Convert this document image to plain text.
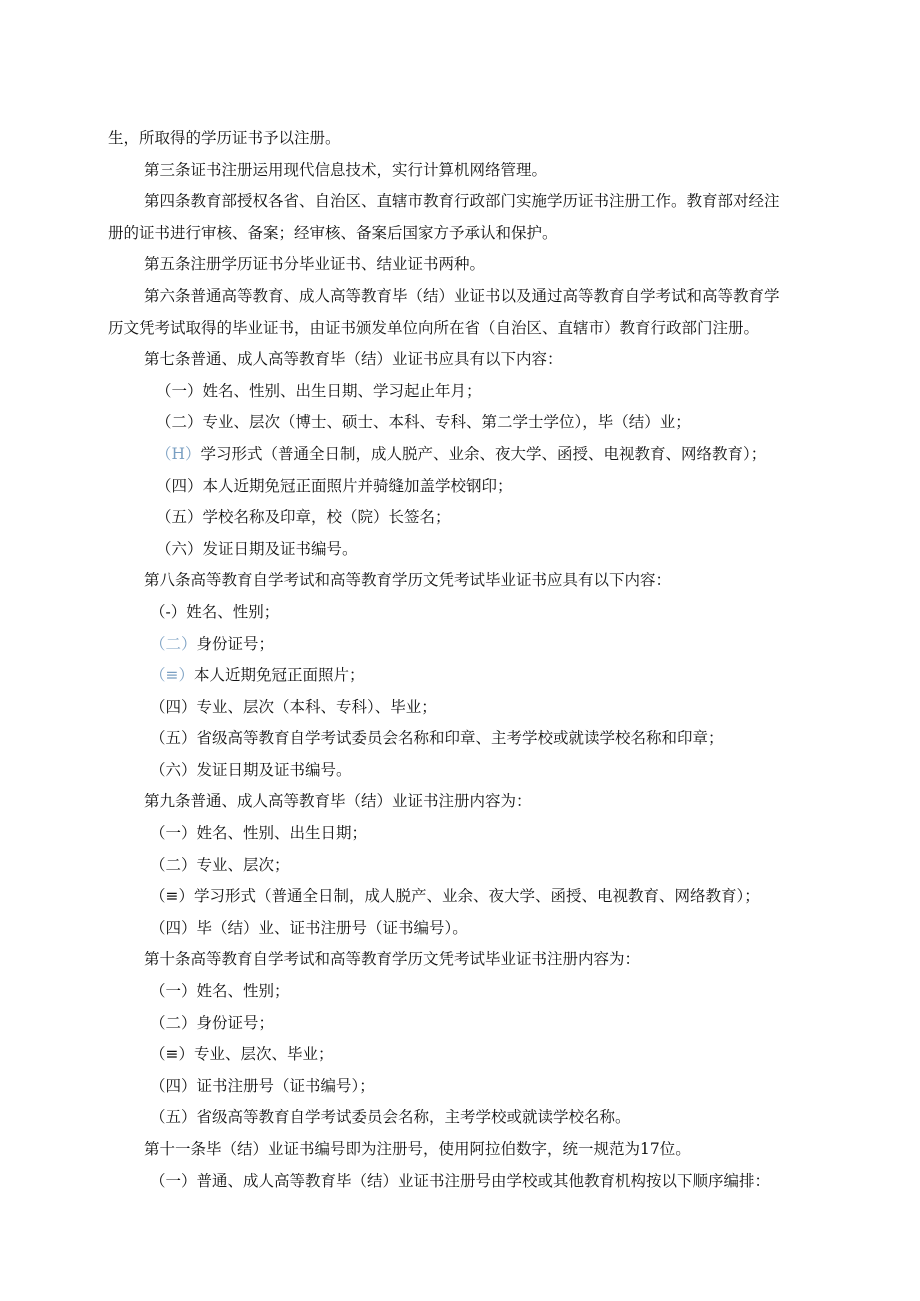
生，所取得的学历证书予以注册。
第三条证书注册运用现代信息技术，实行计算机网络管理。
第四条教育部授权各省、自治区、直辖市教育行政部门实施学历证书注册工作。教育部对经注
册的证书进行审核、备案；经审核、备案后国家方予承认和保护。
第五条注册学历证书分毕业证书、结业证书两种。
第六条普通高等教育、成人高等教育毕（结）业证书以及通过高等教育自学考试和高等教育学
历文凭考试取得的毕业证书，由证书颁发单位向所在省（自治区、直辖市）教育行政部门注册。
第七条普通、成人高等教育毕（结）业证书应具有以下内容：
（一）姓名、性别、出生日期、学习起止年月；
（二）专业、层次（博士、硕士、本科、专科、第二学士学位），毕（结）业；
（H）学习形式（普通全日制，成人脱产、业余、夜大学、函授、电视教育、网络教育）；
（四）本人近期免冠正面照片并骑缝加盖学校钢印；
（五）学校名称及印章，校（院）长签名；
（六）发证日期及证书编号。
第八条高等教育自学考试和高等教育学历文凭考试毕业证书应具有以下内容：
（-）姓名、性别；
（二）身份证号；
（≡）本人近期免冠正面照片；
（四）专业、层次（本科、专科）、毕业；
（五）省级高等教育自学考试委员会名称和印章、主考学校或就读学校名称和印章；
（六）发证日期及证书编号。
第九条普通、成人高等教育毕（结）业证书注册内容为：
（一）姓名、性别、出生日期；
（二）专业、层次；
（≡）学习形式（普通全日制，成人脱产、业余、夜大学、函授、电视教育、网络教育）；
（四）毕（结）业、证书注册号（证书编号）。
第十条高等教育自学考试和高等教育学历文凭考试毕业证书注册内容为：
（一）姓名、性别；
（二）身份证号；
（≡）专业、层次、毕业；
（四）证书注册号（证书编号）；
（五）省级高等教育自学考试委员会名称，主考学校或就读学校名称。
第十一条毕（结）业证书编号即为注册号，使用阿拉伯数字，统一规范为17位。
（一）普通、成人高等教育毕（结）业证书注册号由学校或其他教育机构按以下顺序编排：
